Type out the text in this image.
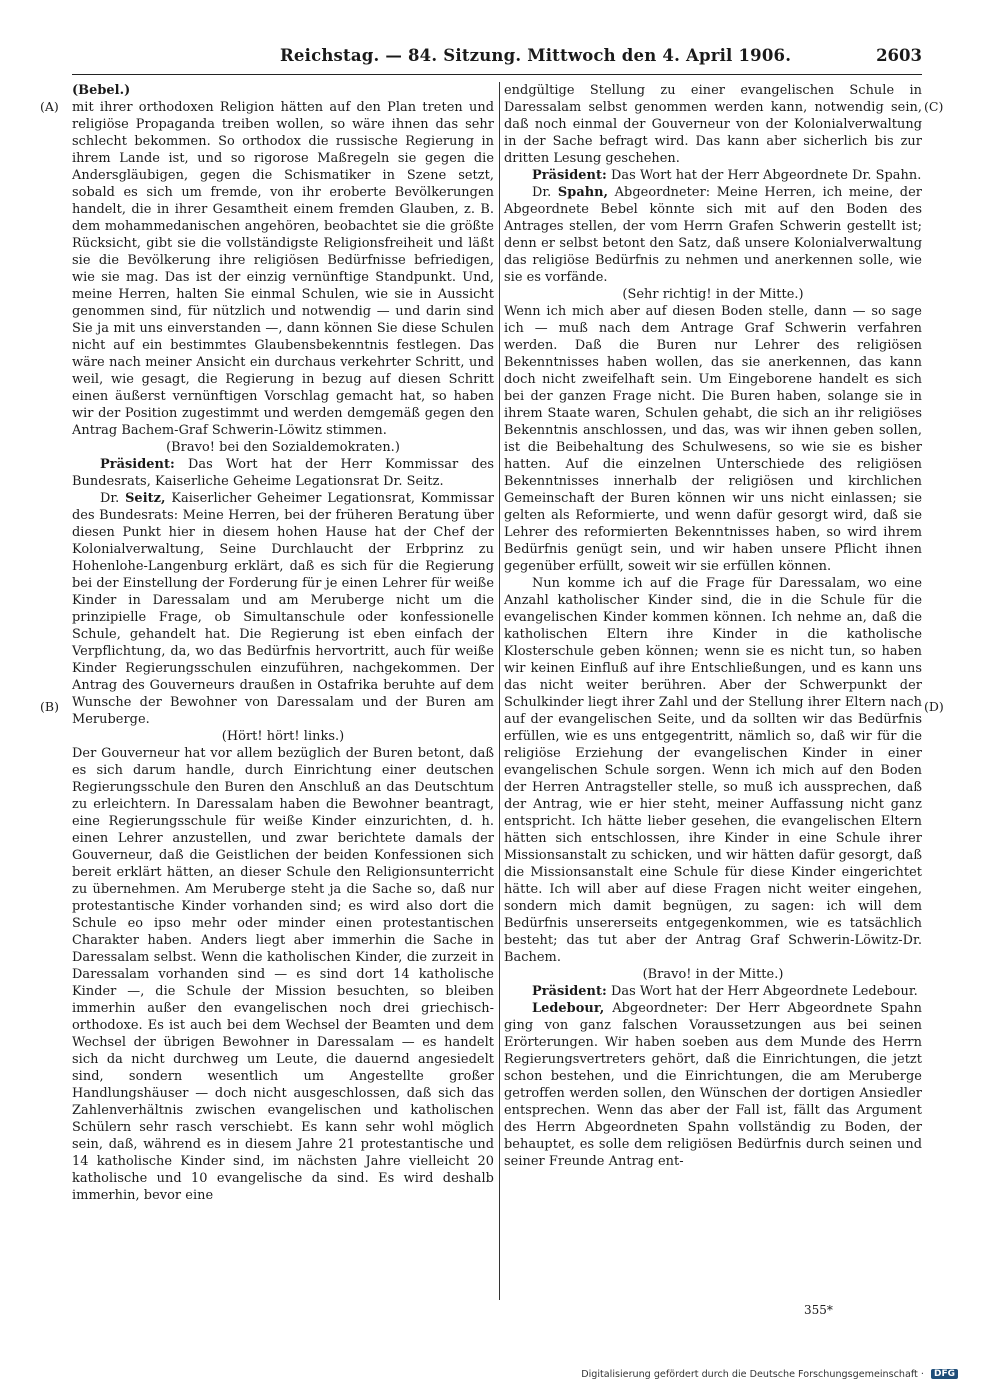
Reichstag. — 84. Sitzung. Mittwoch den 4. April 1906.	2603
(A)
(B)
(C)
(D)

(Bebel.)

mit ihrer orthodoxen Religion hätten auf den Plan treten und religiöse Propaganda treiben wollen, so wäre ihnen das sehr schlecht bekommen. So orthodox die russische Regierung in ihrem Lande ist, und so rigorose Maßregeln sie gegen die Andersgläubigen, gegen die Schismatiker in Szene setzt, sobald es sich um fremde, von ihr eroberte Bevölkerungen handelt, die in ihrer Gesamtheit einem fremden Glauben, z. B. dem mohammedanischen angehören, beobachtet sie die größte Rücksicht, gibt sie die vollständigste Religionsfreiheit und läßt sie die Bevölkerung ihre religiösen Bedürfnisse befriedigen, wie sie mag. Das ist der einzig vernünftige Standpunkt. Und, meine Herren, halten Sie einmal Schulen, wie sie in Aussicht genommen sind, für nützlich und notwendig — und darin sind Sie ja mit uns einverstanden —, dann können Sie diese Schulen nicht auf ein bestimmtes Glaubensbekenntnis festlegen. Das wäre nach meiner Ansicht ein durchaus verkehrter Schritt, und weil, wie gesagt, die Regierung in bezug auf diesen Schritt einen äußerst vernünftigen Vorschlag gemacht hat, so haben wir der Position zugestimmt und werden demgemäß gegen den Antrag Bachem-Graf Schwerin-Löwitz stimmen.

(Bravo! bei den Sozialdemokraten.)

Präsident: Das Wort hat der Herr Kommissar des Bundesrats, Kaiserliche Geheime Legationsrat Dr. Seitz.

Dr. Seitz, Kaiserlicher Geheimer Legationsrat, Kommissar des Bundesrats: Meine Herren, bei der früheren Beratung über diesen Punkt hier in diesem hohen Hause hat der Chef der Kolonialverwaltung, Seine Durchlaucht der Erbprinz zu Hohenlohe-Langenburg erklärt, daß es sich für die Regierung bei der Einstellung der Forderung für je einen Lehrer für weiße Kinder in Daressalam und am Meruberge nicht um die prinzipielle Frage, ob Simultanschule oder konfessionelle Schule, gehandelt hat. Die Regierung ist eben einfach der Verpflichtung, da, wo das Bedürfnis hervortritt, auch für weiße Kinder Regierungsschulen einzuführen, nachgekommen. Der Antrag des Gouverneurs draußen in Ostafrika beruhte auf dem Wunsche der Bewohner von Daressalam und der Buren am Meruberge.

(Hört! hört! links.)

Der Gouverneur hat vor allem bezüglich der Buren betont, daß es sich darum handle, durch Einrichtung einer deutschen Regierungsschule den Buren den Anschluß an das Deutschtum zu erleichtern. In Daressalam haben die Bewohner beantragt, eine Regierungsschule für weiße Kinder einzurichten, d. h. einen Lehrer anzustellen, und zwar berichtete damals der Gouverneur, daß die Geistlichen der beiden Konfessionen sich bereit erklärt hätten, an dieser Schule den Religionsunterricht zu übernehmen. Am Meruberge steht ja die Sache so, daß nur protestantische Kinder vorhanden sind; es wird also dort die Schule eo ipso mehr oder minder einen protestantischen Charakter haben. Anders liegt aber immerhin die Sache in Daressalam selbst. Wenn die katholischen Kinder, die zurzeit in Daressalam vorhanden sind — es sind dort 14 katholische Kinder —, die Schule der Mission besuchten, so bleiben immerhin außer den evangelischen noch drei griechisch-orthodoxe. Es ist auch bei dem Wechsel der Beamten und dem Wechsel der übrigen Bewohner in Daressalam — es handelt sich da nicht durchweg um Leute, die dauernd angesiedelt sind, sondern wesentlich um Angestellte großer Handlungshäuser — doch nicht ausgeschlossen, daß sich das Zahlenverhältnis zwischen evangelischen und katholischen Schülern sehr rasch verschiebt. Es kann sehr wohl möglich sein, daß, während es in diesem Jahre 21 protestantische und 14 katholische Kinder sind, im nächsten Jahre vielleicht 20 katholische und 10 evangelische da sind. Es wird deshalb immerhin, bevor eine

endgültige Stellung zu einer evangelischen Schule in Daressalam selbst genommen werden kann, notwendig sein, daß noch einmal der Gouverneur von der Kolonialverwaltung in der Sache befragt wird. Das kann aber sicherlich bis zur dritten Lesung geschehen.

Präsident: Das Wort hat der Herr Abgeordnete Dr. Spahn.

Dr. Spahn, Abgeordneter: Meine Herren, ich meine, der Abgeordnete Bebel könnte sich mit auf den Boden des Antrages stellen, der vom Herrn Grafen Schwerin gestellt ist; denn er selbst betont den Satz, daß unsere Kolonialverwaltung das religiöse Bedürfnis zu nehmen und anerkennen solle, wie sie es vorfände.

(Sehr richtig! in der Mitte.)

Wenn ich mich aber auf diesen Boden stelle, dann — so sage ich — muß nach dem Antrage Graf Schwerin verfahren werden. Daß die Buren nur Lehrer des religiösen Bekenntnisses haben wollen, das sie anerkennen, das kann doch nicht zweifelhaft sein. Um Eingeborene handelt es sich bei der ganzen Frage nicht. Die Buren haben, solange sie in ihrem Staate waren, Schulen gehabt, die sich an ihr religiöses Bekenntnis anschlossen, und das, was wir ihnen geben sollen, ist die Beibehaltung des Schulwesens, so wie sie es bisher hatten. Auf die einzelnen Unterschiede des religiösen Bekenntnisses innerhalb der religiösen und kirchlichen Gemeinschaft der Buren können wir uns nicht einlassen; sie gelten als Reformierte, und wenn dafür gesorgt wird, daß sie Lehrer des reformierten Bekenntnisses haben, so wird ihrem Bedürfnis genügt sein, und wir haben unsere Pflicht ihnen gegenüber erfüllt, soweit wir sie erfüllen können.

Nun komme ich auf die Frage für Daressalam, wo eine Anzahl katholischer Kinder sind, die in die Schule für die evangelischen Kinder kommen können. Ich nehme an, daß die katholischen Eltern ihre Kinder in die katholische Klosterschule geben können; wenn sie es nicht tun, so haben wir keinen Einfluß auf ihre Entschließungen, und es kann uns das nicht weiter berühren. Aber der Schwerpunkt der Schulkinder liegt ihrer Zahl und der Stellung ihrer Eltern nach auf der evangelischen Seite, und da sollten wir das Bedürfnis erfüllen, wie es uns entgegentritt, nämlich so, daß wir für die religiöse Erziehung der evangelischen Kinder in einer evangelischen Schule sorgen. Wenn ich mich auf den Boden der Herren Antragsteller stelle, so muß ich aussprechen, daß der Antrag, wie er hier steht, meiner Auffassung nicht ganz entspricht. Ich hätte lieber gesehen, die evangelischen Eltern hätten sich entschlossen, ihre Kinder in eine Schule ihrer Missionsanstalt zu schicken, und wir hätten dafür gesorgt, daß die Missionsanstalt eine Schule für diese Kinder eingerichtet hätte. Ich will aber auf diese Fragen nicht weiter eingehen, sondern mich damit begnügen, zu sagen: ich will dem Bedürfnis unsererseits entgegenkommen, wie es tatsächlich besteht; das tut aber der Antrag Graf Schwerin-Löwitz-Dr. Bachem.

(Bravo! in der Mitte.)

Präsident: Das Wort hat der Herr Abgeordnete Ledebour.

Ledebour, Abgeordneter: Der Herr Abgeordnete Spahn ging von ganz falschen Voraussetzungen aus bei seinen Erörterungen. Wir haben soeben aus dem Munde des Herrn Regierungsvertreters gehört, daß die Einrichtungen, die jetzt schon bestehen, und die Einrichtungen, die am Meruberge getroffen werden sollen, den Wünschen der dortigen Ansiedler entsprechen. Wenn das aber der Fall ist, fällt das Argument des Herrn Abgeordneten Spahn vollständig zu Boden, der behauptet, es solle dem religiösen Bedürfnis durch seinen und seiner Freunde Antrag ent-

355*
Digitalisierung gefördert durch die Deutsche Forschungsgemeinschaft · DFG
